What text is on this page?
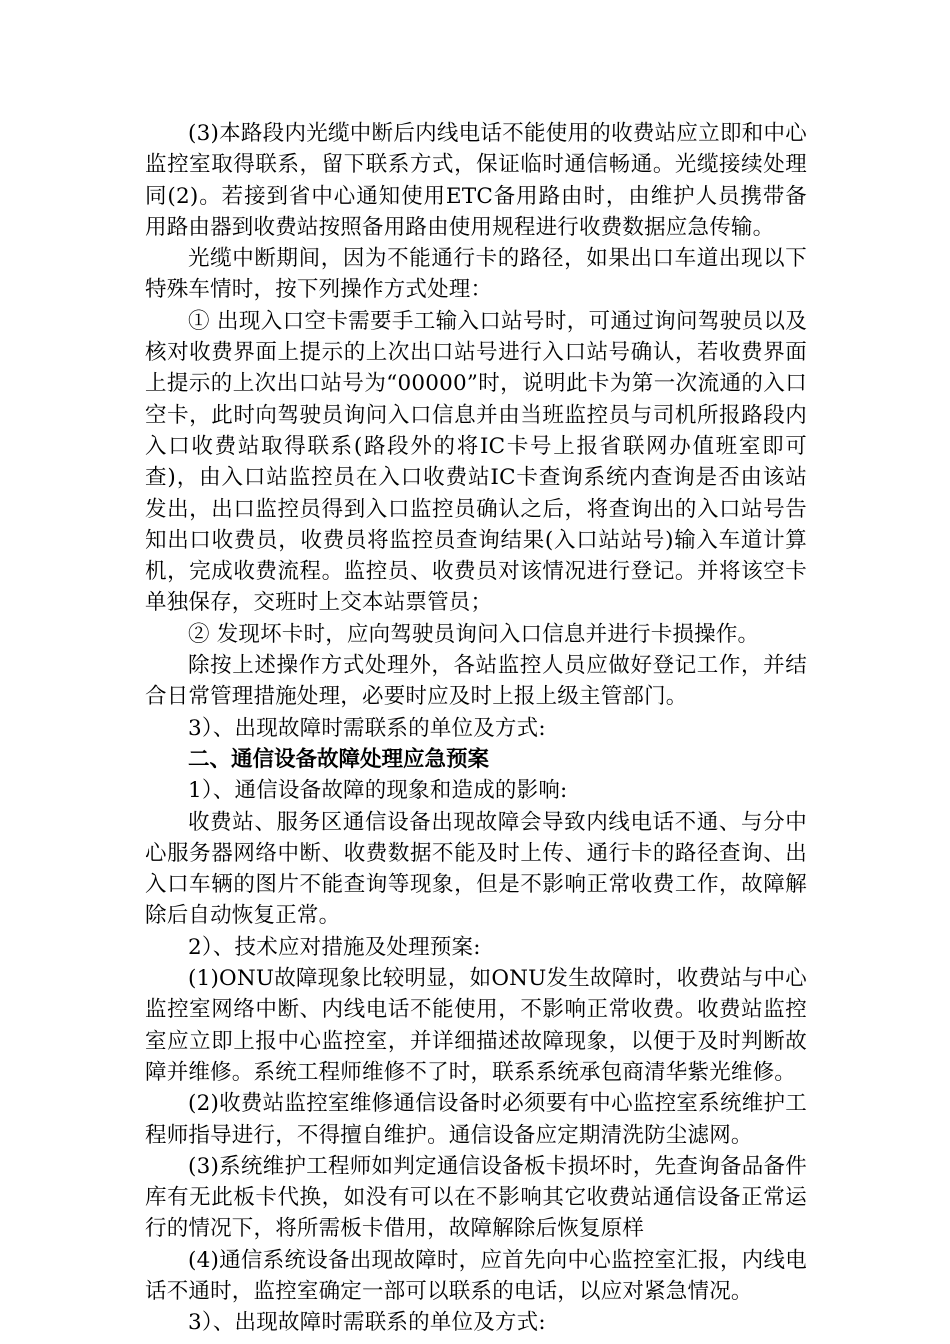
(3)本路段内光缆中断后内线电话不能使用的收费站应立即和中心监控室取得联系，留下联系方式，保证临时通信畅通。光缆接续处理同(2)。若接到省中心通知使用ETC备用路由时，由维护人员携带备用路由器到收费站按照备用路由使用规程进行收费数据应急传输。

光缆中断期间，因为不能通行卡的路径，如果出口车道出现以下特殊车情时，按下列操作方式处理：

① 出现入口空卡需要手工输入口站号时，可通过询问驾驶员以及核对收费界面上提示的上次出口站号进行入口站号确认，若收费界面上提示的上次出口站号为“00000”时，说明此卡为第一次流通的入口空卡，此时向驾驶员询问入口信息并由当班监控员与司机所报路段内入口收费站取得联系(路段外的将IC卡号上报省联网办值班室即可查)，由入口站监控员在入口收费站IC卡查询系统内查询是否由该站发出，出口监控员得到入口监控员确认之后，将查询出的入口站号告知出口收费员，收费员将监控员查询结果(入口站站号)输入车道计算机，完成收费流程。监控员、收费员对该情况进行登记。并将该空卡单独保存，交班时上交本站票管员；

② 发现坏卡时，应向驾驶员询问入口信息并进行卡损操作。

除按上述操作方式处理外，各站监控人员应做好登记工作，并结合日常管理措施处理，必要时应及时上报上级主管部门。

3）、出现故障时需联系的单位及方式:

二、通信设备故障处理应急预案

1）、通信设备故障的现象和造成的影响:

收费站、服务区通信设备出现故障会导致内线电话不通、与分中心服务器网络中断、收费数据不能及时上传、通行卡的路径查询、出入口车辆的图片不能查询等现象，但是不影响正常收费工作，故障解除后自动恢复正常。

2）、技术应对措施及处理预案:

(1)ONU故障现象比较明显，如ONU发生故障时，收费站与中心监控室网络中断、内线电话不能使用，不影响正常收费。收费站监控室应立即上报中心监控室，并详细描述故障现象，以便于及时判断故障并维修。系统工程师维修不了时，联系系统承包商清华紫光维修。

(2)收费站监控室维修通信设备时必须要有中心监控室系统维护工程师指导进行，不得擅自维护。通信设备应定期清洗防尘滤网。

(3)系统维护工程师如判定通信设备板卡损坏时，先查询备品备件库有无此板卡代换，如没有可以在不影响其它收费站通信设备正常运行的情况下，将所需板卡借用，故障解除后恢复原样

(4)通信系统设备出现故障时，应首先向中心监控室汇报，内线电话不通时，监控室确定一部可以联系的电话，以应对紧急情况。

3）、出现故障时需联系的单位及方式:
